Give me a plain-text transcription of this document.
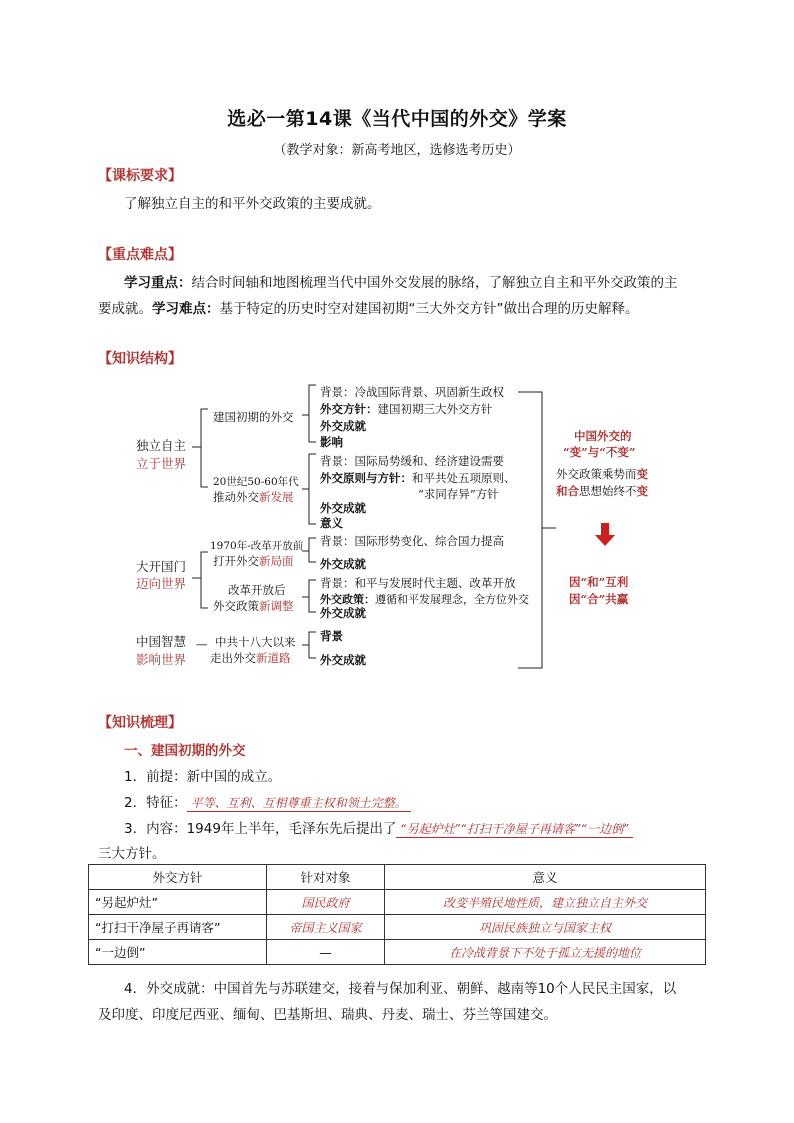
选必一第14课《当代中国的外交》学案
（教学对象：新高考地区，选修选考历史）
【课标要求】
了解独立自主的和平外交政策的主要成就。
【重点难点】
学习重点：结合时间轴和地图梳理当代中国外交发展的脉络，了解独立自主和平外交政策的主
要成就。学习难点：基于特定的历史时空对建国初期“三大外交方针”做出合理的历史解释。
【知识结构】
独立自主
立于世界
大开国门
迈向世界
中国智慧
影响世界
—
建国初期的外交
20世纪50-60年代
推动外交新发展
1970年-改革开放前
打开外交新局面
改革开放后
外交政策新调整
中共十八大以来
走出外交新道路
背景：冷战国际背景、巩固新生政权
外交方针：建国初期三大外交方针
外交成就
影响
背景：国际局势缓和、经济建设需要
外交原则与方针：和平共处五项原则、
“求同存异”方针
外交成就
意义
背景：国际形势变化、综合国力提高
外交成就
背景：和平与发展时代主题、改革开放
外交政策：遵循和平发展理念，全方位外交
外交成就
背景
外交成就
中国外交的
“变”与“不变”
外交政策乘势而变
和合思想始终不变
因“和”互利
因“合”共赢
【知识梳理】
一、建国初期的外交
1．前提：新中国的成立。
2．特征： 平等、互利、互相尊重主权和领土完整。
3．内容：1949年上半年，毛泽东先后提出了 “另起炉灶”“打扫干净屋子再请客”“一边倒”
三大方针。
外交方针	针对对象	意义
“另起炉灶”	国民政府	改变半殖民地性质，建立独立自主外交
“打扫干净屋子再请客”	帝国主义国家	巩固民族独立与国家主权
“一边倒”	—	在冷战背景下不处于孤立无援的地位
4．外交成就：中国首先与苏联建交，接着与保加利亚、朝鲜、越南等10个人民民主国家，以
及印度、印度尼西亚、缅甸、巴基斯坦、瑞典、丹麦、瑞士、芬兰等国建交。
